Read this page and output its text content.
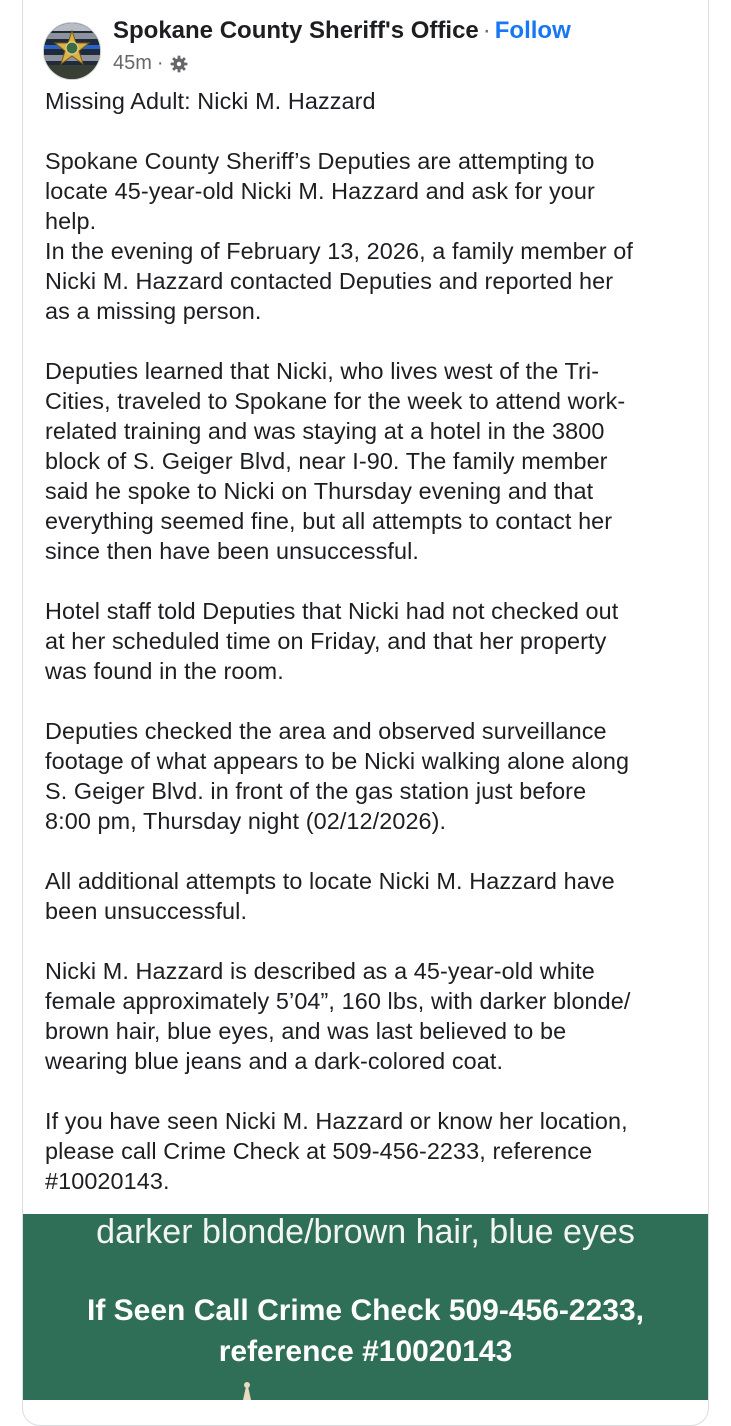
Spokane County Sheriff's Office · Follow
45m ·

Missing Adult: Nicki M. Hazzard

Spokane County Sheriff’s Deputies are attempting to
locate 45-year-old Nicki M. Hazzard and ask for your
help.
In the evening of February 13, 2026, a family member of
Nicki M. Hazzard contacted Deputies and reported her
as a missing person.

Deputies learned that Nicki, who lives west of the Tri-
Cities, traveled to Spokane for the week to attend work-
related training and was staying at a hotel in the 3800
block of S. Geiger Blvd, near I-90. The family member
said he spoke to Nicki on Thursday evening and that
everything seemed fine, but all attempts to contact her
since then have been unsuccessful.

Hotel staff told Deputies that Nicki had not checked out
at her scheduled time on Friday, and that her property
was found in the room.

Deputies checked the area and observed surveillance
footage of what appears to be Nicki walking alone along
S. Geiger Blvd. in front of the gas station just before
8:00 pm, Thursday night (02/12/2026).

All additional attempts to locate Nicki M. Hazzard have
been unsuccessful.

Nicki M. Hazzard is described as a 45-year-old white
female approximately 5’04”, 160 lbs, with darker blonde/
brown hair, blue eyes, and was last believed to be
wearing blue jeans and a dark-colored coat.

If you have seen Nicki M. Hazzard or know her location,
please call Crime Check at 509-456-2233, reference
#10020143.

darker blonde/brown hair, blue eyes
If Seen Call Crime Check 509-456-2233,
reference #10020143
